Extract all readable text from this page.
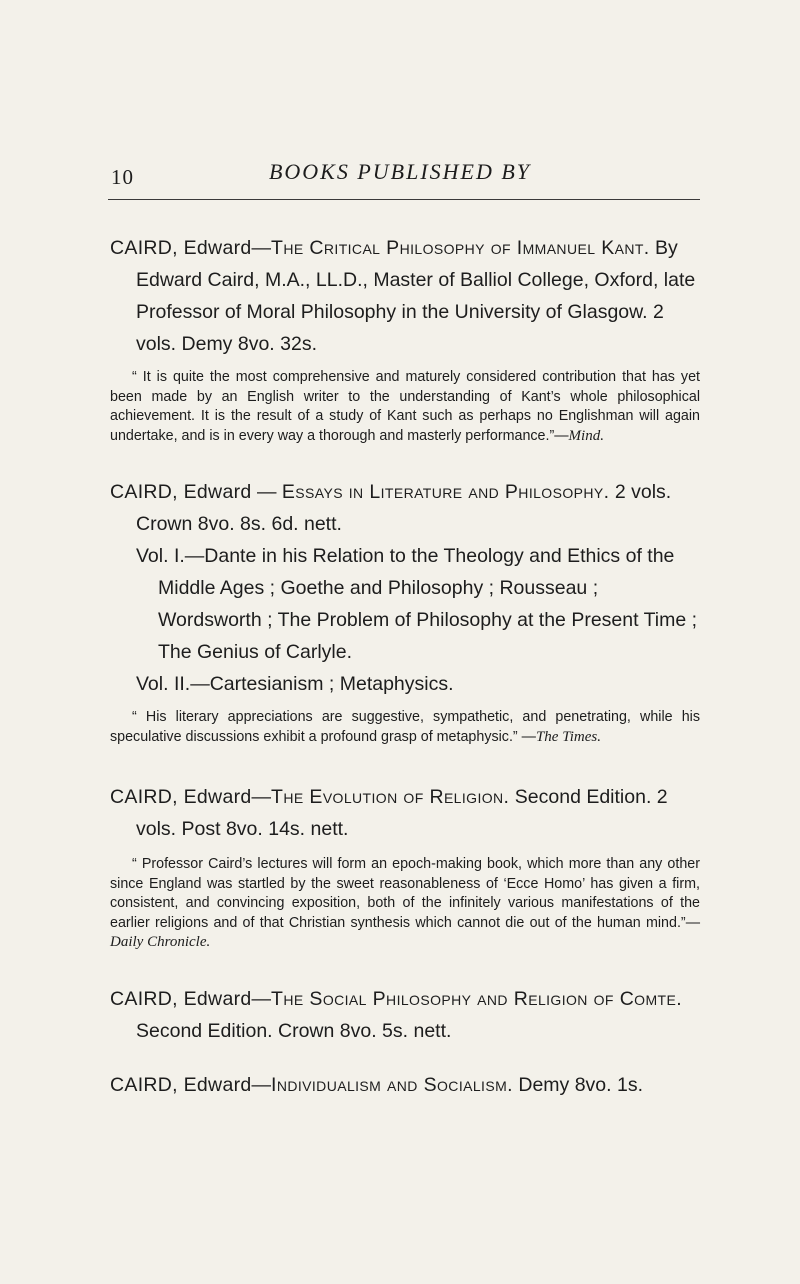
10	BOOKS PUBLISHED BY

CAIRD, Edward—The Critical Philosophy of Immanuel Kant. By Edward Caird, M.A., LL.D., Master of Balliol College, Oxford, late Professor of Moral Philosophy in the University of Glasgow. 2 vols. Demy 8vo. 32s.

“ It is quite the most comprehensive and maturely considered contribution that has yet been made by an English writer to the understanding of Kant’s whole philosophical achievement. It is the result of a study of Kant such as perhaps no Englishman will again undertake, and is in every way a thorough and masterly performance.”—Mind.

CAIRD, Edward — Essays in Literature and Philosophy. 2 vols. Crown 8vo. 8s. 6d. nett.

Vol. I.—Dante in his Relation to the Theology and Ethics of the Middle Ages ; Goethe and Philosophy ; Rousseau ; Wordsworth ; The Problem of Philosophy at the Present Time ; The Genius of Carlyle.

Vol. II.—Cartesianism ; Metaphysics.

“ His literary appreciations are suggestive, sympathetic, and penetrating, while his speculative discussions exhibit a profound grasp of metaphysic.” —The Times.

CAIRD, Edward—The Evolution of Religion. Second Edition. 2 vols. Post 8vo. 14s. nett.

“ Professor Caird’s lectures will form an epoch-making book, which more than any other since England was startled by the sweet reasonableness of ‘Ecce Homo’ has given a firm, consistent, and convincing exposition, both of the infinitely various manifestations of the earlier religions and of that Christian synthesis which cannot die out of the human mind.”—Daily Chronicle.

CAIRD, Edward—The Social Philosophy and Religion of Comte. Second Edition. Crown 8vo. 5s. nett.

CAIRD, Edward—Individualism and Socialism. Demy 8vo. 1s.
